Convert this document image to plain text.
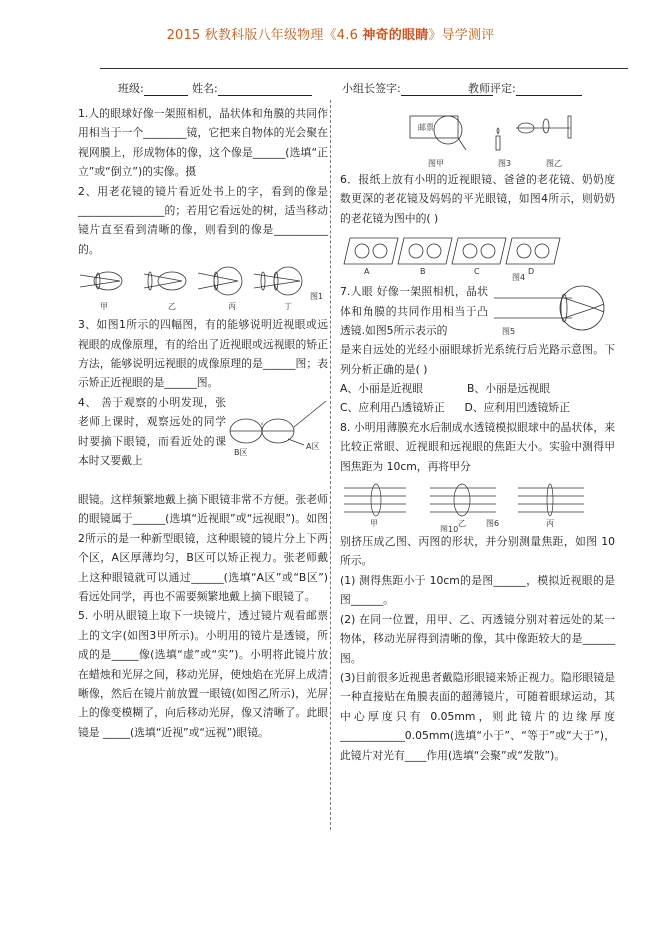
2015 秋教科版八年级物理《4.6 神奇的眼睛》导学测评
班级:	姓名:	小组长签字:	教师评定:

1.人的眼球好像一架照相机，晶状体和角膜的共同作用相当于一个________镜，它把来自物体的光会聚在视网膜上，形成物体的像，这个像是______(选填“正立”或“倒立”)的实像。摄

2、用老花镜的镜片看近处书上的字，看到的像是________________的；若用它看远处的树，适当移动镜片直至看到清晰的像，则看到的像是__________的。

甲	乙	丙	丁
图1

3、如图1所示的四幅图，有的能够说明近视眼或远视眼的成像原理，有的给出了近视眼或远视眼的矫正方法，能够说明远视眼的成像原理的是______图；表示矫正近视眼的是______图。

4、 善于观察的小明发现，张老师上课时，观察远处的同学时要摘下眼镜，而看近处的课本时又要戴上

A区
B区

眼镜。这样频繁地戴上摘下眼镜非常不方便。张老师的眼镜属于______(选填“近视眼”或“远视眼”)。如图2所示的是一种新型眼镜，这种眼镜的镜片分上下两个区，A区厚薄均匀，B区可以矫正视力。张老师戴上这种眼镜就可以通过______(选填“A区”或“B区”)看远处同学，再也不需要频繁地戴上摘下眼镜了。

5. 小明从眼镜上取下一块镜片，透过镜片观看邮票上的文字(如图3甲所示)。小明用的镜片是透镜，所成的是_____像(选填“虚”或“实”)。小明将此镜片放在蜡烛和光屏之间，移动光屏，使烛焰在光屏上成清晰像，然后在镜片前放置一眼镜(如图乙所示)，光屏上的像变模糊了，向后移动光屏，像又清晰了。此眼镜是 _____(选填“近视”或“远视”)眼镜。

邮票
图甲	图3	图乙

6．报纸上放有小明的近视眼镜、爸爸的老花镜、奶奶度数更深的老花镜及妈妈的平光眼镜，如图4所示，则奶奶的老花镜为图中的( )

A	B	C	D
图4

7.人眼 好像一架照相机，晶状体和角膜的共同作用相当于凸透镜.如图5所示表示的	图5

是来自远处的光经小丽眼球折光系统行后光路示意图。下列分析正确的是( )

A、小丽是近视眼	B、小丽是远视眼
C、应利用凸透镜矫正 D、应利用凹透镜矫正

8. 小明用薄膜充水后制成水透镜模拟眼球中的晶状体，来比较正常眼、近视眼和远视眼的焦距大小。实验中测得甲图焦距为 10cm，再将甲分

甲	乙	丙
图6
图10

别挤压成乙图、丙图的形状，并分别测量焦距，如图 10所示。

(1) 测得焦距小于 10cm的是图______，模拟近视眼的是图______。

(2) 在同一位置，用甲、乙、丙透镜分别对着远处的某一物体，移动光屏得到清晰的像，其中像距较大的是______图。

(3)目前很多近视患者戴隐形眼镜来矫正视力。隐形眼镜是一种直接贴在角膜表面的超薄镜片，可随着眼球运动，其中心厚度只有 0.05mm，则此镜片的边缘厚度____________0.05mm(选填“小于”、“等于”或“大于”)，此镜片对光有____作用(选填“会聚”或“发散”)。
